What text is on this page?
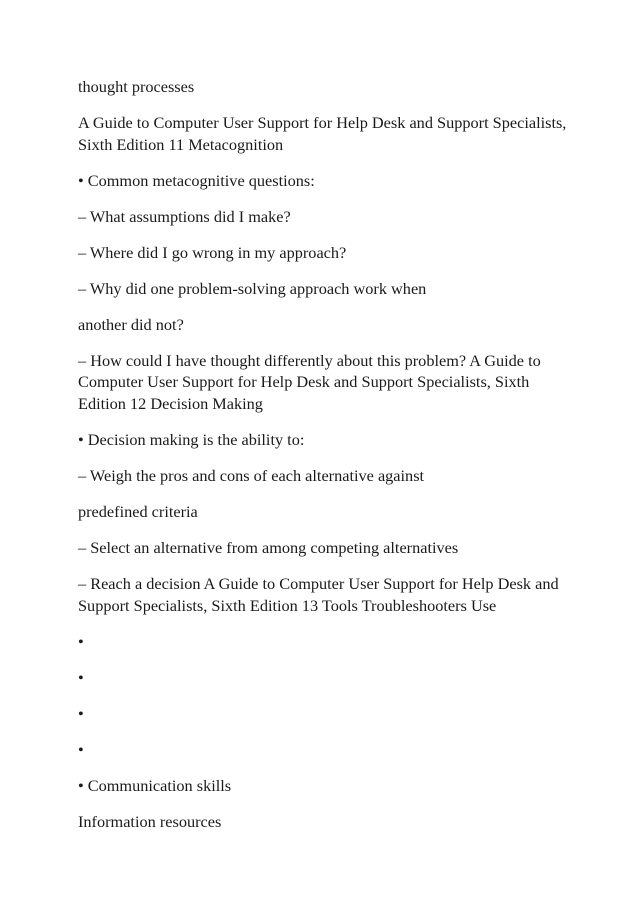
thought processes

A Guide to Computer User Support for Help Desk and Support Specialists, Sixth Edition 11 Metacognition

• Common metacognitive questions:

– What assumptions did I make?

– Where did I go wrong in my approach?

– Why did one problem-solving approach work when

another did not?

– How could I have thought differently about this problem? A Guide to Computer User Support for Help Desk and Support Specialists, Sixth Edition 12 Decision Making

• Decision making is the ability to:

– Weigh the pros and cons of each alternative against

predefined criteria

– Select an alternative from among competing alternatives

– Reach a decision A Guide to Computer User Support for Help Desk and Support Specialists, Sixth Edition 13 Tools Troubleshooters Use

•

•

•

•

• Communication skills

Information resources
